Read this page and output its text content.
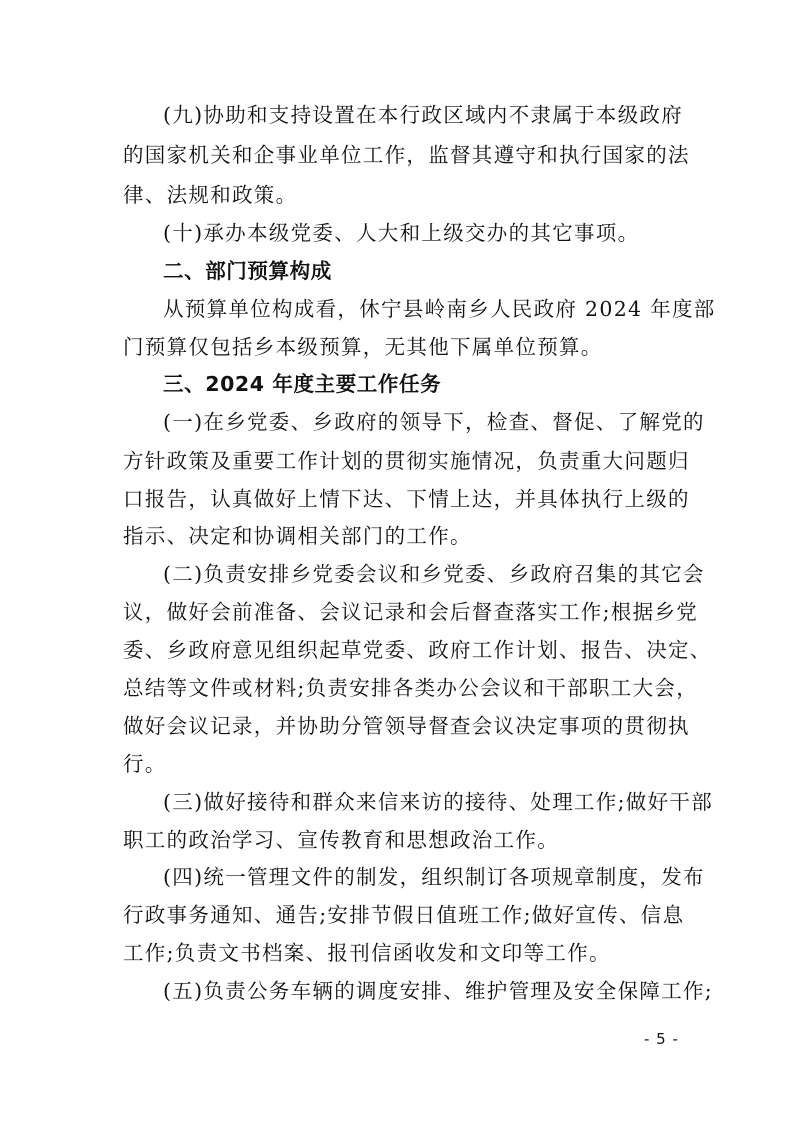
(九)协助和支持设置在本行政区域内不隶属于本级政府
的国家机关和企事业单位工作，监督其遵守和执行国家的法
律、法规和政策。
(十)承办本级党委、人大和上级交办的其它事项。
二、部门预算构成
从预算单位构成看，休宁县岭南乡人民政府 2024 年度部
门预算仅包括乡本级预算，无其他下属单位预算。
三、2024 年度主要工作任务
(一)在乡党委、乡政府的领导下，检查、督促、了解党的
方针政策及重要工作计划的贯彻实施情况，负责重大问题归
口报告，认真做好上情下达、下情上达，并具体执行上级的
指示、决定和协调相关部门的工作。
(二)负责安排乡党委会议和乡党委、乡政府召集的其它会
议，做好会前准备、会议记录和会后督查落实工作;根据乡党
委、乡政府意见组织起草党委、政府工作计划、报告、决定、
总结等文件或材料;负责安排各类办公会议和干部职工大会，
做好会议记录，并协助分管领导督查会议决定事项的贯彻执
行。
(三)做好接待和群众来信来访的接待、处理工作;做好干部
职工的政治学习、宣传教育和思想政治工作。
(四)统一管理文件的制发，组织制订各项规章制度，发布
行政事务通知、通告;安排节假日值班工作;做好宣传、信息
工作;负责文书档案、报刊信函收发和文印等工作。
(五)负责公务车辆的调度安排、维护管理及安全保障工作;
- 5 -
